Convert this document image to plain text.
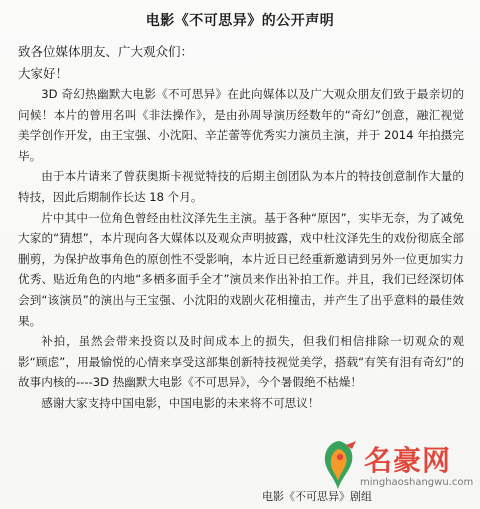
电影《不可思异》的公开声明
致各位媒体朋友、广大观众们：
大家好！

3D 奇幻热幽默大电影《不可思异》在此向媒体以及广大观众朋友们致于最亲切的问候！本片的曾用名叫《非法操作》，是由孙周导演历经数年的“奇幻”创意，融汇视觉美学创作开发，由王宝强、小沈阳、辛芷蕾等优秀实力演员主演，并于 2014 年拍摄完毕。

由于本片请来了曾获奥斯卡视觉特技的后期主创团队为本片的特技创意制作大量的特技，因此后期制作长达 18 个月。

片中其中一位角色曾经由杜汶泽先生主演。基于各种“原因”，实毕无奈，为了减免大家的“猜想”，本片现向各大媒体以及观众声明披露，戏中杜汶泽先生的戏份彻底全部删剪，为保护故事角色的原创性不受影响，本片近日已经重新邀请到另外一位更加实力优秀、贴近角色的内地“多栖多面手全才”演员来作出补拍工作。并且，我们已经深切体会到“该演员”的演出与王宝强、小沈阳的戏剧火花相撞击，并产生了出乎意料的最佳效果。

补拍，虽然会带来投资以及时间成本上的损失，但我们相信排除一切观众的观影“顾虑”，用最愉悦的心情来享受这部集创新特技视觉美学，搭载“有笑有泪有奇幻”的故事内核的----3D 热幽默大电影《不可思异》，今个暑假绝不枯燥！

感谢大家支持中国电影，中国电影的未来将不可思议！

电影《不可思异》剧组
名豪网
minghaoshangwu.com
